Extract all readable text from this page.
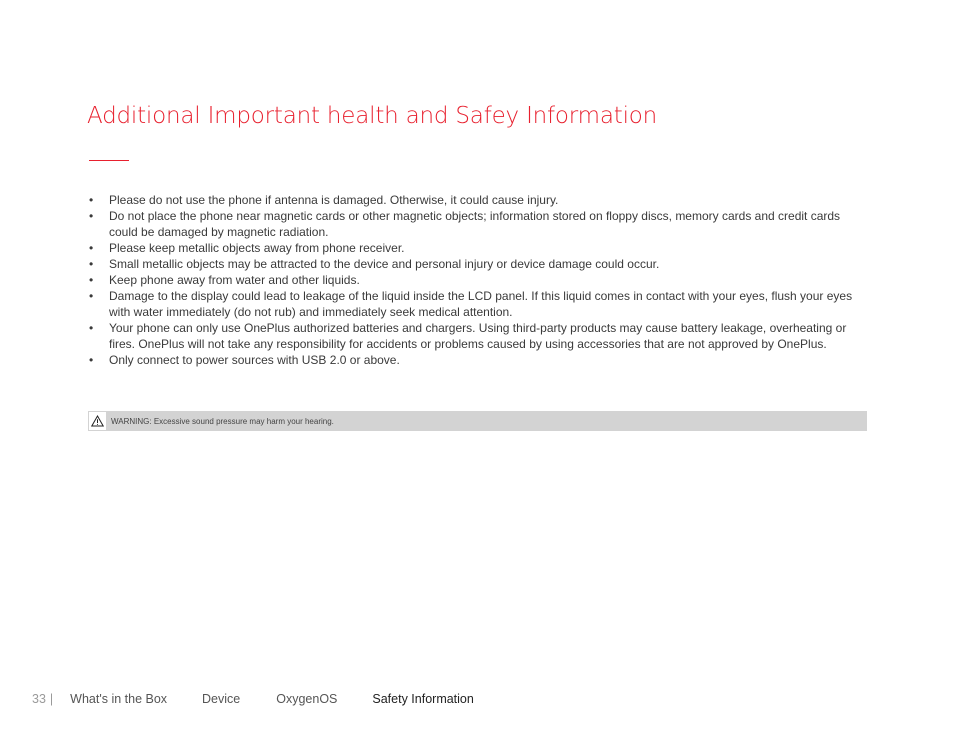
Additional Important health and Safey Information
• Please do not use the phone if antenna is damaged. Otherwise, it could cause injury.
• Do not place the phone near magnetic cards or other magnetic objects; information stored on floppy discs, memory cards and credit cards could be damaged by magnetic radiation.
• Please keep metallic objects away from phone receiver.
• Small metallic objects may be attracted to the device and personal injury or device damage could occur.
• Keep phone away from water and other liquids.
• Damage to the display could lead to leakage of the liquid inside the LCD panel. If this liquid comes in contact with your eyes, flush your eyes with water immediately (do not rub) and immediately seek medical attention.
• Your phone can only use OnePlus authorized batteries and chargers. Using third-party products may cause battery leakage, overheating or fires. OnePlus will not take any responsibility for accidents or problems caused by using accessories that are not approved by OnePlus.
• Only connect to power sources with USB 2.0 or above.
WARNING: Excessive sound pressure may harm your hearing.
33 | What's in the Box	Device	OxygenOS	Safety Information
